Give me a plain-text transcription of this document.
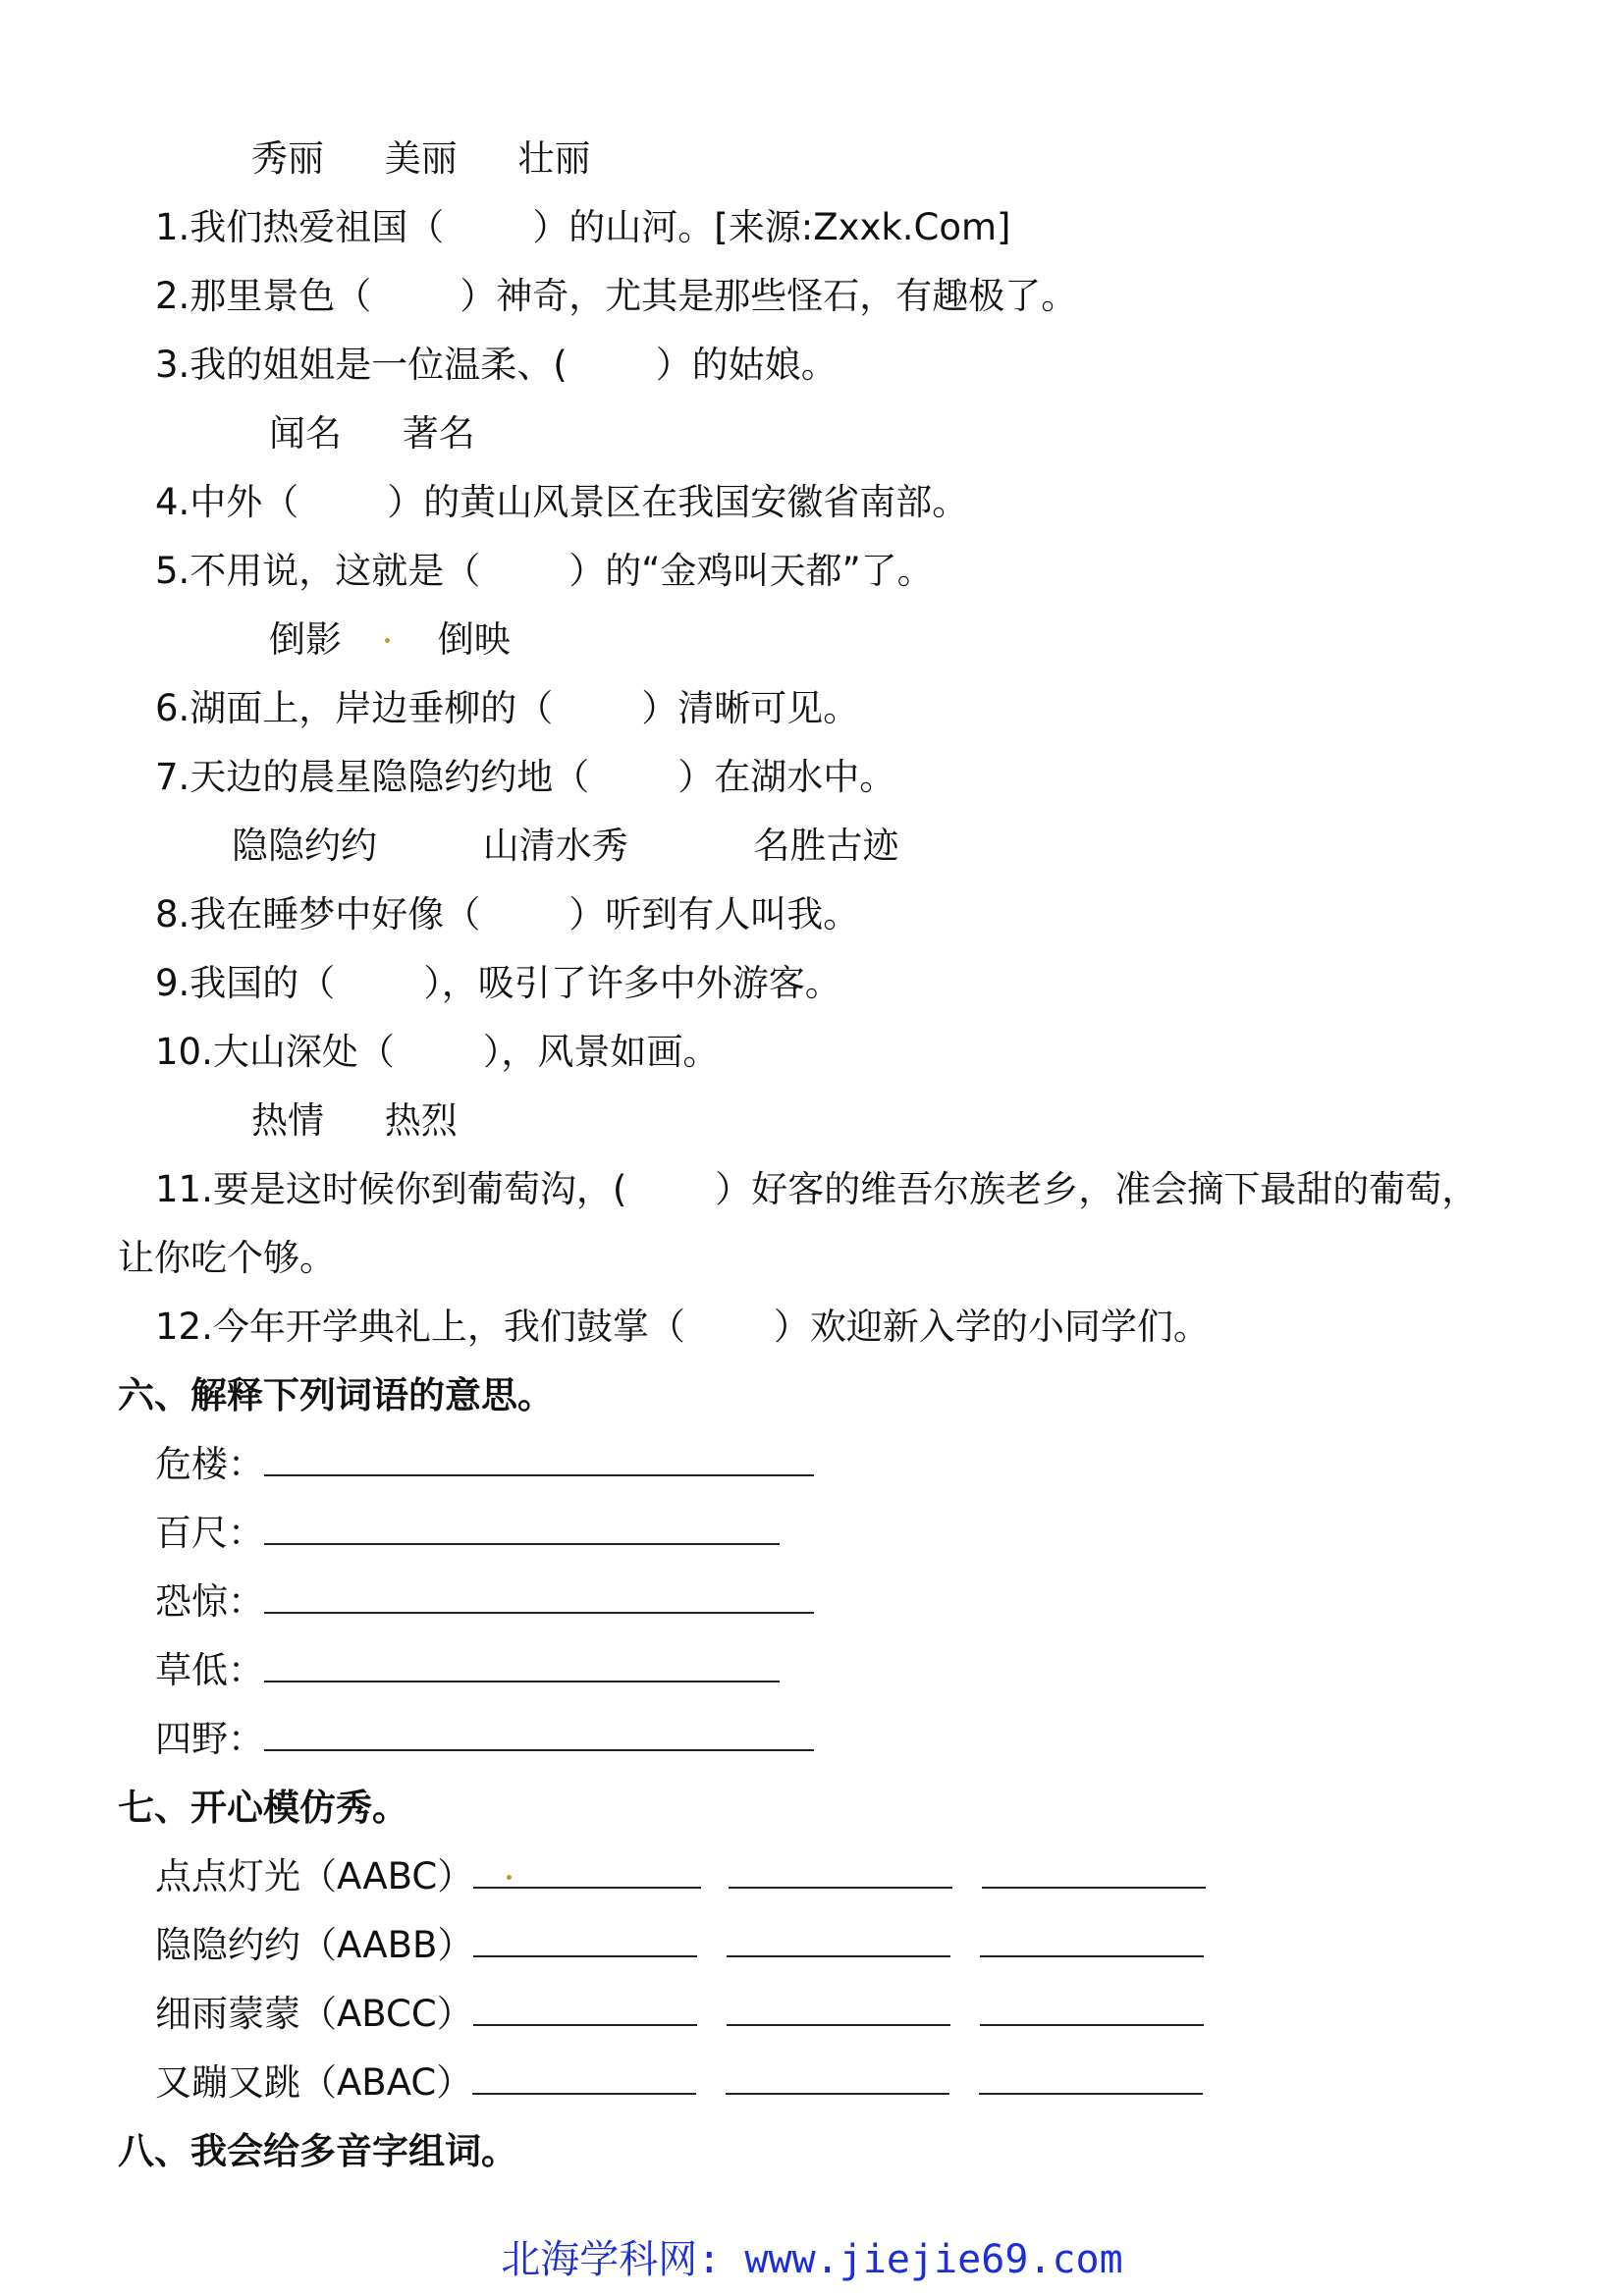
秀丽 美丽 壮丽
1.我们热爱祖国（ ）的山河。[来源:Zxxk.Com]
2.那里景色（ ）神奇，尤其是那些怪石，有趣极了。
3.我的姐姐是一位温柔、( ）的姑娘。
闻名 著名
4.中外（ ）的黄山风景区在我国安徽省南部。
5.不用说，这就是（ ）的“金鸡叫天都”了。
倒影	倒映
6.湖面上，岸边垂柳的（ ）清晰可见。
7.天边的晨星隐隐约约地（ ）在湖水中。
隐隐约约	山清水秀	名胜古迹
8.我在睡梦中好像（ ）听到有人叫我。
9.我国的（ ），吸引了许多中外游客。
10.大山深处（ ），风景如画。
热情 热烈
11.要是这时候你到葡萄沟，( ）好客的维吾尔族老乡，准会摘下最甜的葡萄，
让你吃个够。
12.今年开学典礼上，我们鼓掌（ ）欢迎新入学的小同学们。
六、解释下列词语的意思。
危楼：
百尺：
恐惊：
草低：
四野：
七、开心模仿秀。
点点灯光（AABC）
隐隐约约（AABB）
细雨蒙蒙（ABCC）
又蹦又跳（ABAC）
八、我会给多音字组词。
北海学科网: www.jiejie69.com
